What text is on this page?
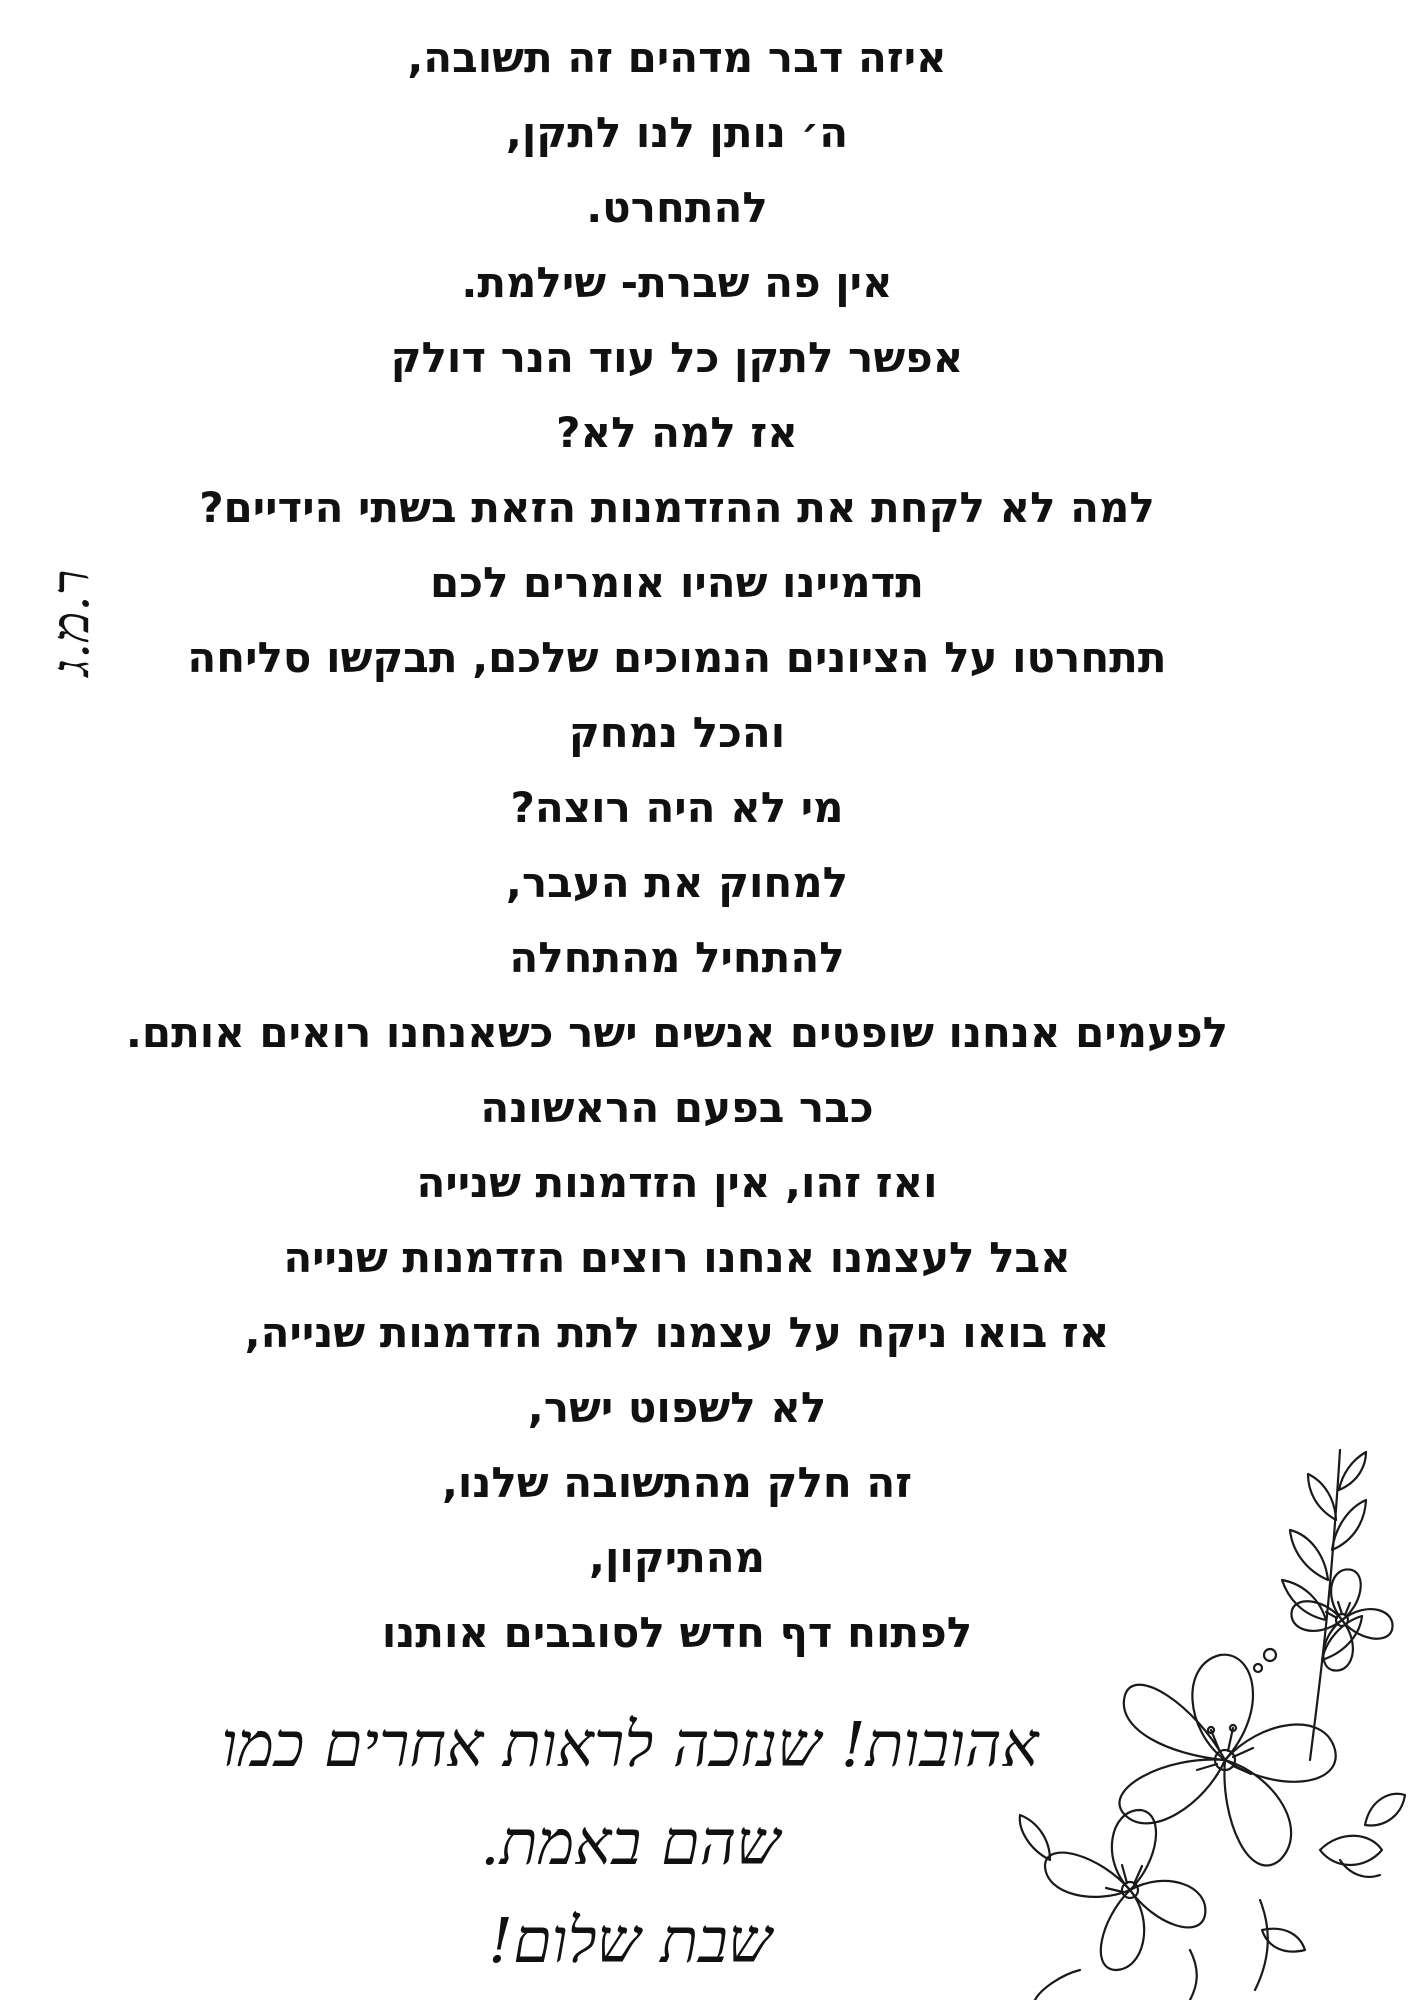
איזה דבר מדהים זה תשובה,
ה׳ נותן לנו לתקן,
להתחרט.
אין פה שברת- שילמת.
אפשר לתקן כל עוד הנר דולק
אז למה לא?
למה לא לקחת את ההזדמנות הזאת בשתי הידיים?
תדמיינו שהיו אומרים לכם
תתחרטו על הציונים הנמוכים שלכם, תבקשו סליחה
והכל נמחק
מי לא היה רוצה?
למחוק את העבר,
להתחיל מהתחלה
לפעמים אנחנו שופטים אנשים ישר כשאנחנו רואים אותם.
כבר בפעם הראשונה
ואז זהו, אין הזדמנות שנייה
אבל לעצמנו אנחנו רוצים הזדמנות שנייה
אז בואו ניקח על עצמנו לתת הזדמנות שנייה,
לא לשפוט ישר,
זה חלק מהתשובה שלנו,
מהתיקון,
לפתוח דף חדש לסובבים אותנו
ר.מ.ג
אהובות! שנזכה לראות אחרים כמו
שהם באמת.
שבת שלום!
